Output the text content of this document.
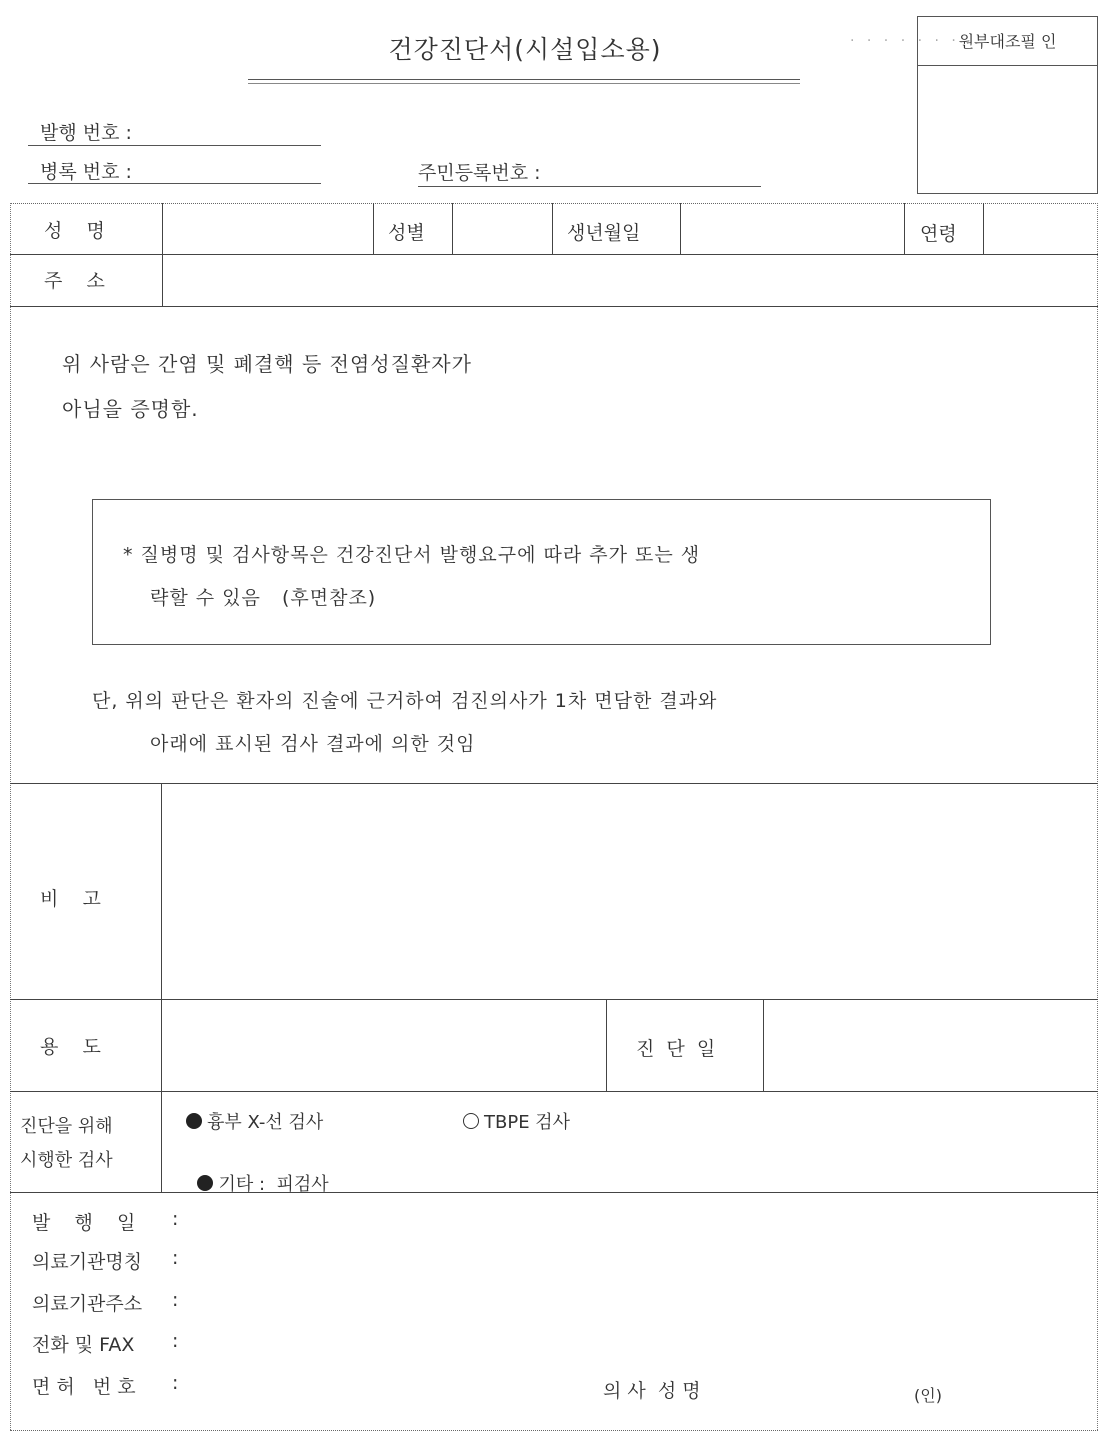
건강진단서(시설입소용)	· · · · · · ·
원부대조필 인
발행 번호 :
병록 번호 :	주민등록번호 :
성    명	성별	생년월일	연령
주    소
위 사람은 간염 및 폐결핵 등 전염성질환자가
아님을 증명함.
* 질병명 및 검사항목은 건강진단서 발행요구에 따라 추가 또는 생
략할 수 있음   (후면참조)
단, 위의 판단은 환자의 진술에 근거하여 검진의사가 1차 면담한 결과와
아래에 표시된 검사 결과에 의한 것임
비    고
용    도	진  단  일
진단을 위해
시행한 검사
흉부 X-선 검사	TBPE 검사

기타 :  피검사

발    행    일 :
의료기관명칭 :
의료기관주소 :
전화 및 FAX :
면 허   번 호 :	의 사  성 명	(인)
